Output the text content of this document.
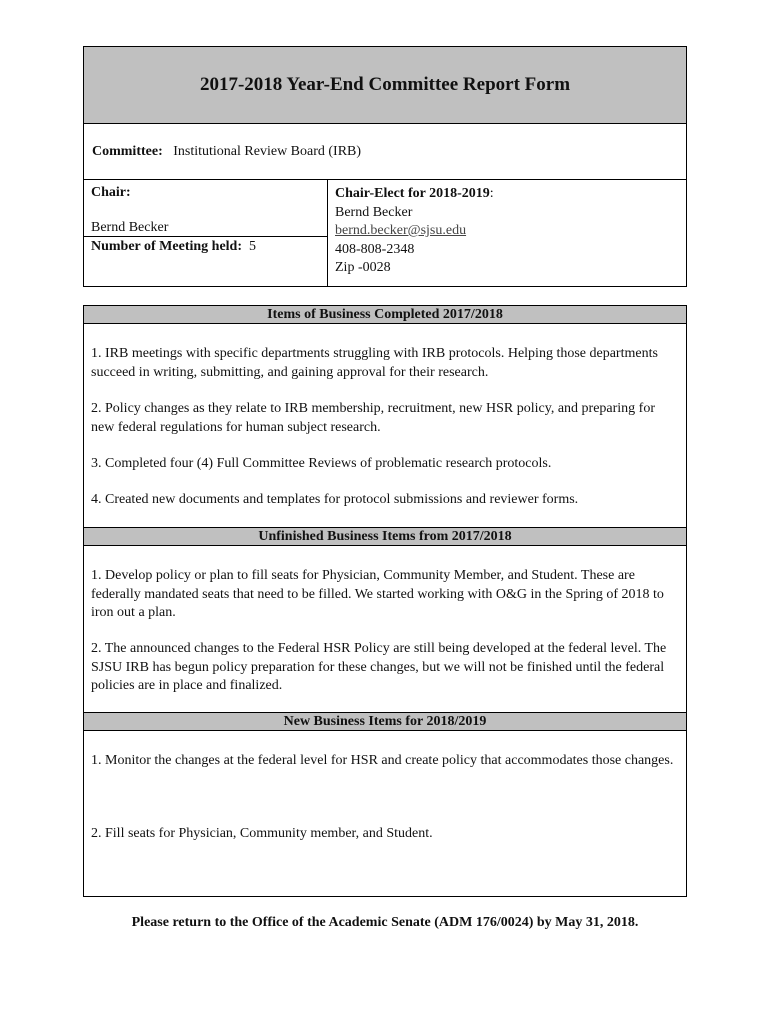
2017-2018 Year-End Committee Report Form
Committee: Institutional Review Board (IRB)
Chair:
Bernd Becker
Number of Meeting held: 5
Chair-Elect for 2018-2019:
Bernd Becker
bernd.becker@sjsu.edu
408-808-2348
Zip -0028
Items of Business Completed 2017/2018
1. IRB meetings with specific departments struggling with IRB protocols. Helping those departments succeed in writing, submitting, and gaining approval for their research.
2. Policy changes as they relate to IRB membership, recruitment, new HSR policy, and preparing for new federal regulations for human subject research.
3. Completed four (4) Full Committee Reviews of problematic research protocols.
4. Created new documents and templates for protocol submissions and reviewer forms.
Unfinished Business Items from 2017/2018
1. Develop policy or plan to fill seats for Physician, Community Member, and Student. These are federally mandated seats that need to be filled. We started working with O&G in the Spring of 2018 to iron out a plan.
2. The announced changes to the Federal HSR Policy are still being developed at the federal level. The SJSU IRB has begun policy preparation for these changes, but we will not be finished until the federal policies are in place and finalized.
New Business Items for 2018/2019
1. Monitor the changes at the federal level for HSR and create policy that accommodates those changes.
2. Fill seats for Physician, Community member, and Student.
Please return to the Office of the Academic Senate (ADM 176/0024) by May 31, 2018.
